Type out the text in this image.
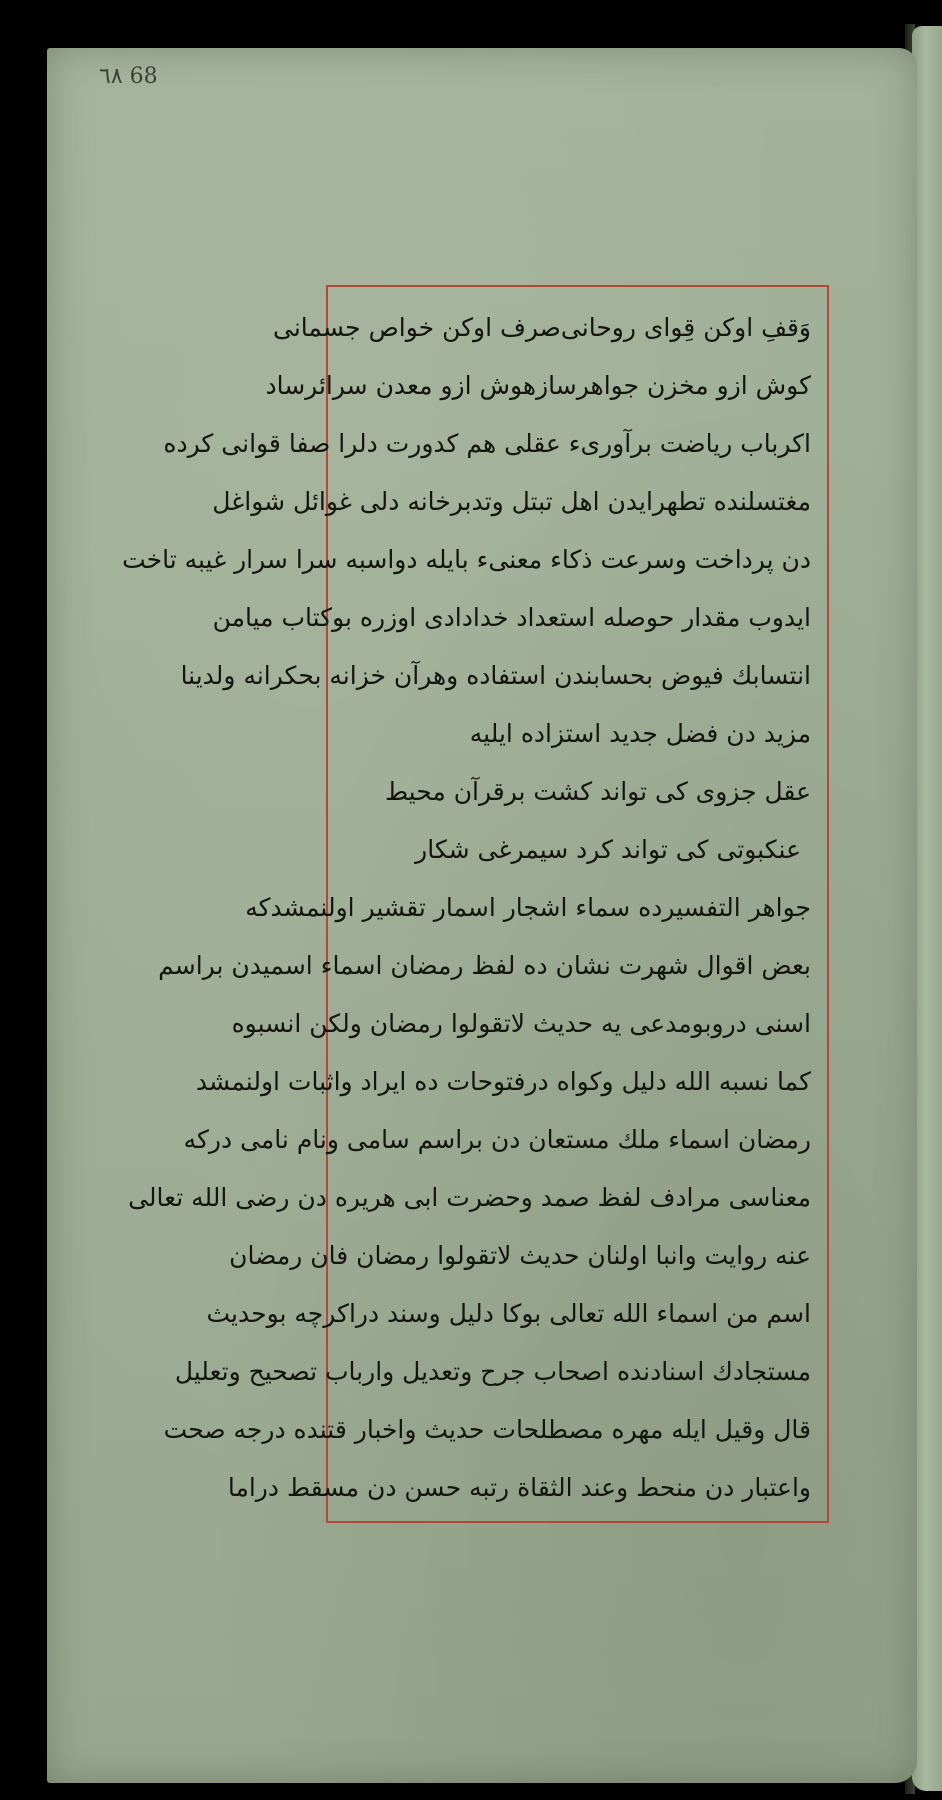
٦٨ 68
وَقفِ اوكن قِوای روحانی
صرف اوكن خواص جسمانی
كوش ازو مخزن جواهرساز
هوش ازو معدن سرائرساد
اكرباب رياضت برآورىء عقلى هم كدورت دلرا صفا قوانى كرده
مغتسلنده تطهرايدن اهل تبتل وتدبرخانه دلى غوائل شواغل
دن پرداخت وسرعت ذكاء معنىء بايله دواسبه سرا سرار غيبه تاخت
ايدوب مقدار حوصله استعداد خدادادى اوزره بوكتاب ميامن
انتسابك فيوض بحسابندن استفاده وهرآن خزانه بحكرانه ولدينا
مزيد دن فضل جديد استزاده ايليه
عقل جزوى كى تواند كشت برقرآن محيط
عنكبوتى كى تواند كرد سيمرغى شكار
جواهر التفسيرده سماء اشجار اسمار تقشير اولنمشدكه
بعض اقوال شهرت نشان ده لفظ رمضان اسماء اسميدن براسم
اسنى دروبومدعى يه حديث لاتقولوا رمضان ولكن انسبوه
كما نسبه الله دليل وكواه درفتوحات ده ايراد واثبات اولنمشد
رمضان اسماء ملك مستعان دن براسم سامى ونام نامى دركه
معناسى مرادف لفظ صمد وحضرت ابى هريره دن رضى الله تعالى
عنه روايت وانبا اولنان حديث لاتقولوا رمضان فان رمضان
اسم من اسماء الله تعالى بوكا دليل وسند دراكرچه بوحديث
مستجادك اسنادنده اصحاب جرح وتعديل وارباب تصحيح وتعليل
قال وقيل ايله مهره مصطلحات حديث واخبار قتنده درجه صحت
واعتبار دن منحط وعند الثقاة رتبه حسن دن مسقط دراما
